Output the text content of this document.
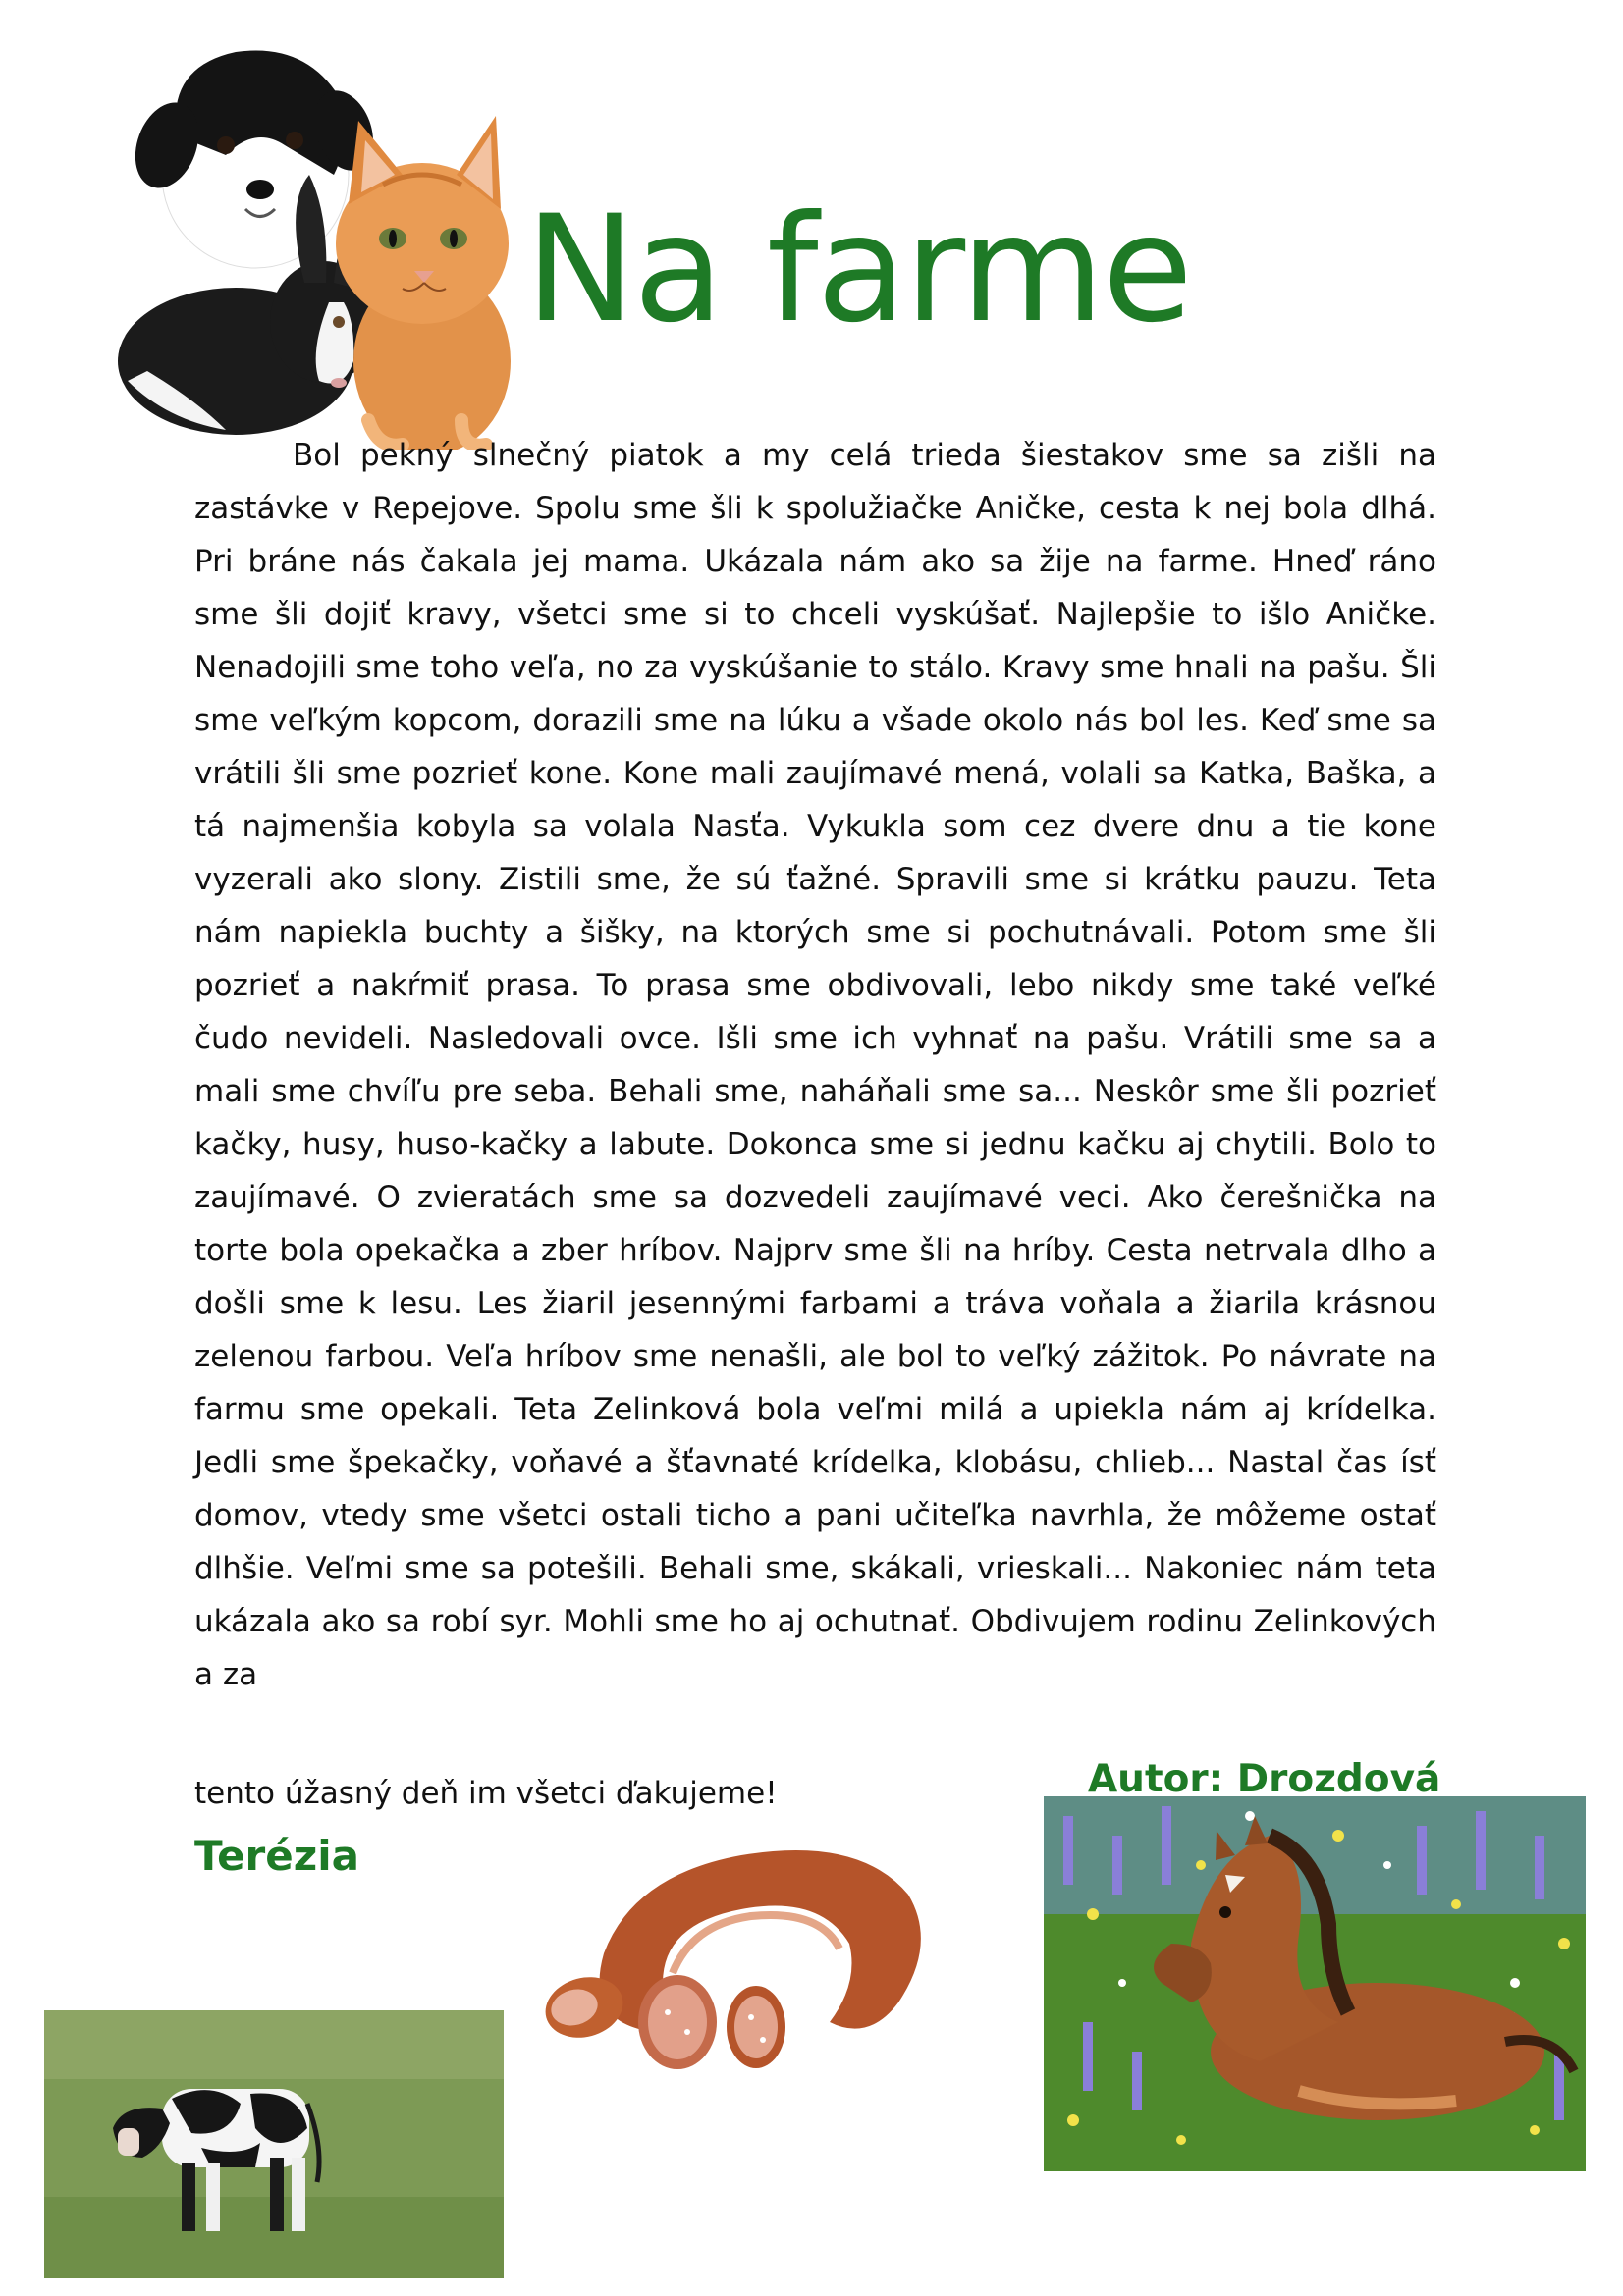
Na farme

Bol pekný slnečný piatok a my celá trieda šiestakov sme sa zišli na zastávke v Repejove. Spolu sme šli k spolužiačke Aničke, cesta k nej bola dlhá. Pri bráne nás čakala jej mama. Ukázala nám ako sa žije na farme. Hneď ráno sme šli dojiť kravy, všetci sme si to chceli vyskúšať. Najlepšie to išlo Aničke. Nenadojili sme toho veľa, no za vyskúšanie to stálo. Kravy sme hnali na pašu. Šli sme veľkým kopcom, dorazili sme na lúku a všade okolo nás bol les. Keď sme sa vrátili šli sme pozrieť kone. Kone mali zaujímavé mená, volali sa Katka, Baška, a tá najmenšia kobyla sa volala Nasťa. Vykukla som cez dvere dnu a tie kone vyzerali ako slony. Zistili sme, že sú ťažné. Spravili sme si krátku pauzu. Teta nám napiekla buchty a šišky, na ktorých sme si pochutnávali. Potom sme šli pozrieť a nakŕmiť prasa. To prasa sme obdivovali, lebo nikdy sme také veľké čudo nevideli. Nasledovali ovce. Išli sme ich vyhnať na pašu. Vrátili sme sa a mali sme chvíľu pre seba. Behali sme, naháňali sme sa... Neskôr sme šli pozrieť kačky, husy, huso-kačky a labute. Dokonca sme si jednu kačku aj chytili. Bolo to zaujímavé. O zvieratách sme sa dozvedeli zaujímavé veci. Ako čerešnička na torte bola opekačka a zber hríbov. Najprv sme šli na hríby. Cesta netrvala dlho a došli sme k lesu. Les žiaril jesennými farbami a tráva voňala a žiarila krásnou zelenou farbou. Veľa hríbov sme nenašli, ale bol to veľký zážitok. Po návrate na farmu sme opekali. Teta Zelinková bola veľmi milá a upiekla nám aj krídelka. Jedli sme špekačky, voňavé a šťavnaté krídelka, klobásu, chlieb... Nastal čas ísť domov, vtedy sme všetci ostali ticho a pani učiteľka navrhla, že môžeme ostať dlhšie. Veľmi sme sa potešili. Behali sme, skákali, vrieskali... Nakoniec nám teta ukázala ako sa robí syr. Mohli sme ho aj ochutnať. Obdivujem rodinu Zelinkových a za

tento úžasný deň im všetci ďakujeme!	Autor: Drozdová

Terézia
